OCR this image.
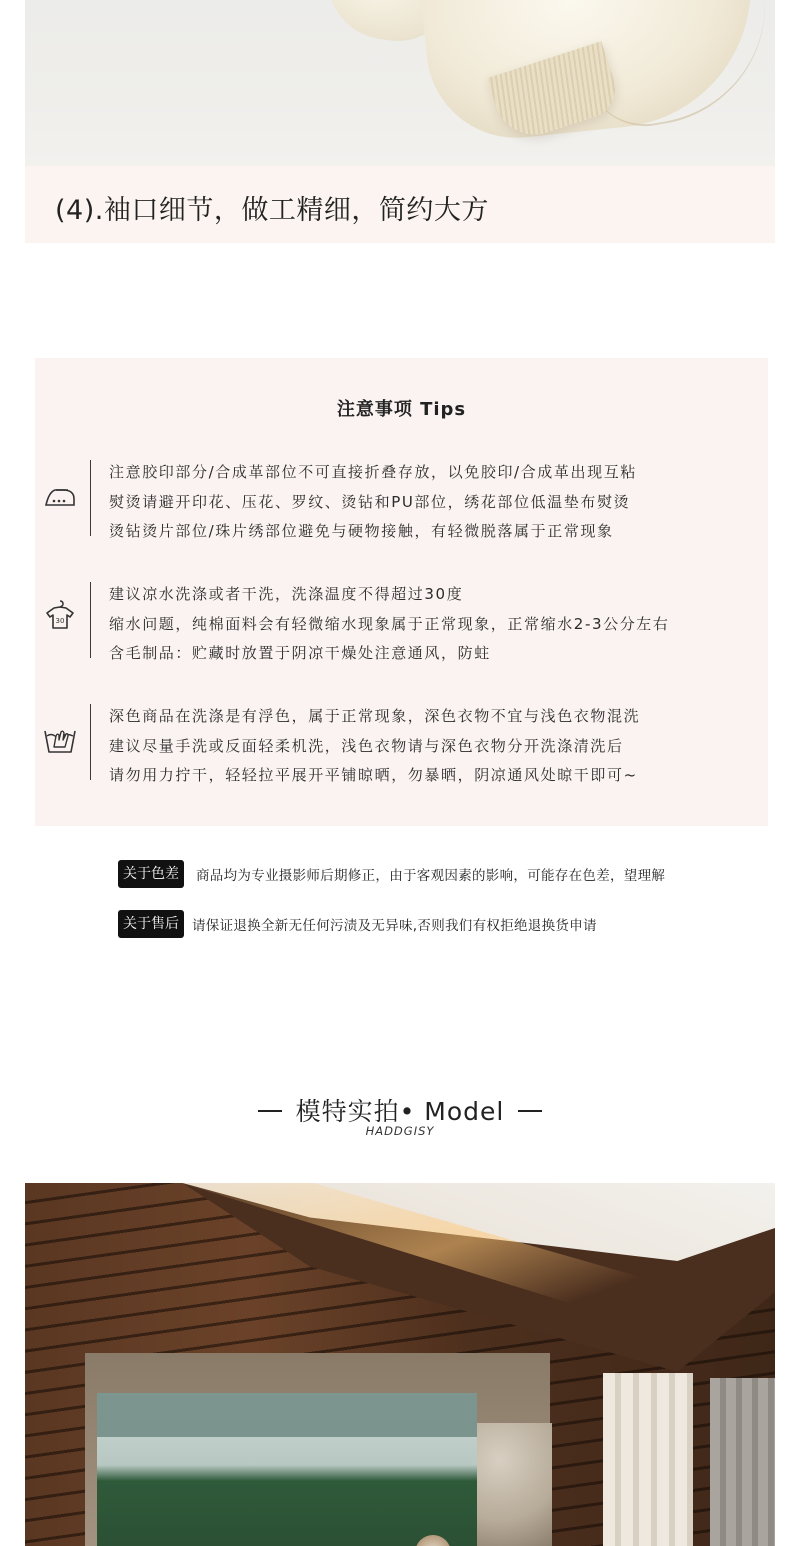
(4).袖口细节，做工精细，简约大方
注意事项 Tips
注意胶印部分/合成革部位不可直接折叠存放，以免胶印/合成革出现互粘
熨烫请避开印花、压花、罗纹、烫钻和PU部位，绣花部位低温垫布熨烫
烫钻烫片部位/珠片绣部位避免与硬物接触，有轻微脱落属于正常现象
30
建议凉水洗涤或者干洗，洗涤温度不得超过30度
缩水问题，纯棉面料会有轻微缩水现象属于正常现象，正常缩水2-3公分左右
含毛制品：贮藏时放置于阴凉干燥处注意通风，防蛀
深色商品在洗涤是有浮色，属于正常现象，深色衣物不宜与浅色衣物混洗
建议尽量手洗或反面轻柔机洗，浅色衣物请与深色衣物分开洗涤清洗后
请勿用力拧干，轻轻拉平展开平铺晾晒，勿暴晒，阴凉通风处晾干即可~
关于色差	商品均为专业摄影师后期修正，由于客观因素的影响，可能存在色差，望理解
关于售后 请保证退换全新无任何污渍及无异味,否则我们有权拒绝退换货申请
模特实拍• Model
HADDGISY
